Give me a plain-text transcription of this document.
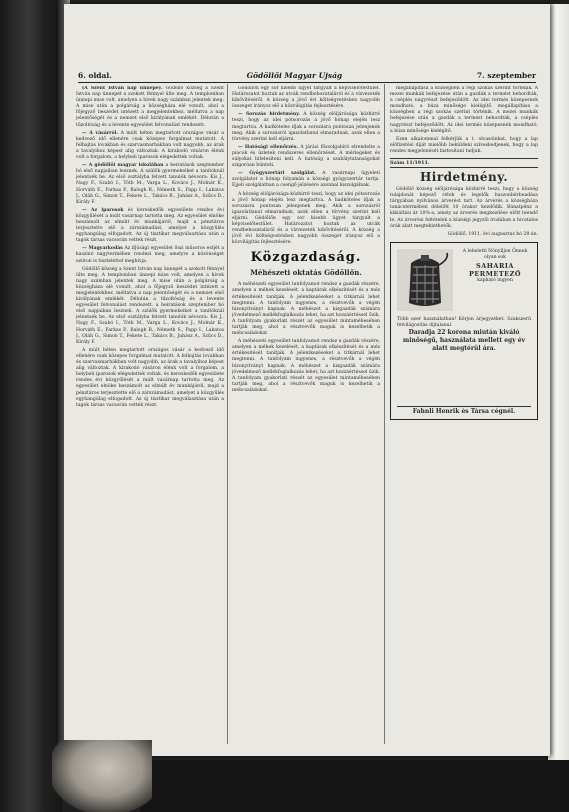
6. oldal.	Gödöllői Magyar Ujság	7. szeptember

(A Szent István nap ünnepe). Gödöllő község a Szent István nap ünnepét a szokott fénnyel ülte meg. A templomban ünnepi mise volt, amelyen a hívek nagy számban jelentek meg. A mise után a polgárság a községháza elé vonult, ahol a főjegyző beszédet intézett a megjelentekhez, méltatva a nap jelentőségét és a nemzet első királyának emlékét. Délután a tűzoltóság és a levente egyesület felvonulást rendezett.

— A vásárról. A múlt héten megtartott országos vásár a kedvező idő ellenére csak közepes forgalmat mutatott. A felhajtás lovakban és szarvasmarhákban volt nagyobb, az árak a tavalyihoz képest alig változtak. A kirakodó vásáron élénk volt a forgalom, a helybeli iparosok elégedettek voltak.

— A gödöllői magyar iskolában a beiratások szeptember hó első napjaiban lesznek. A szülők gyermekeiket a tanítóknál jelentsék be. Az első osztályba felvett tanulók névsora: Kis J., Nagy F., Szabó I., Tóth M., Varga L., Kovács J., Molnár K., Horváth E., Farkas P., Balogh R., Németh S., Papp I., Lakatos J., Oláh G., Simon T., Fekete L., Takács B., Juhász A., Szűcs D., Király F.

— Az iparosok és kereskedők egyesülete rendes évi közgyűlését a múlt vasárnap tartotta meg. Az egyesület elnöke beszámolt az elmúlt év munkájáról, majd a pénztáros terjesztette elő a zárszámadást, amelyet a közgyűlés egyhangúlag elfogadott. Az új tisztikar megválasztása után a tagok társas vacsorán vettek részt.

— Magyarkodás Az ifjúsági egyesület őszi műsoros estjét a kaszinó nagytermében rendezi meg, amelyre a közönséget ezúton is tisztelettel meghívja.

Gödöllő község a Szent István nap ünnepét a szokott fénnyel ülte meg. A templomban ünnepi mise volt, amelyen a hívek nagy számban jelentek meg. A mise után a polgárság a községháza elé vonult, ahol a főjegyző beszédet intézett a megjelentekhez, méltatva a nap jelentőségét és a nemzet első királyának emlékét. Délután a tűzoltóság és a levente egyesület felvonulást rendezett. a beiratások szeptember hó első napjaiban lesznek. A szülők gyermekeiket a tanítóknál jelentsék be. Az első osztályba felvett tanulók névsora: Kis J., Nagy F., Szabó I., Tóth M., Varga L., Kovács J., Molnár K., Horváth E., Farkas P., Balogh R., Németh S., Papp I., Lakatos J., Oláh G., Simon T., Fekete L., Takács B., Juhász A., Szűcs D., Király F.

A múlt héten megtartott országos vásár a kedvező idő ellenére csak közepes forgalmat mutatott. A felhajtás lovakban és szarvasmarhákban volt nagyobb, az árak a tavalyihoz képest alig változtak. A kirakodó vásáron élénk volt a forgalom, a helybeli iparosok elégedettek voltak. és kereskedők egyesülete rendes évi közgyűlését a múlt vasárnap tartotta meg. Az egyesület elnöke beszámolt az elmúlt év munkájáról, majd a pénztáros terjesztette elő a zárszámadást, amelyet a közgyűlés egyhangúlag elfogadott. Az új tisztikar megválasztása után a tagok társas vacsorán vettek részt.

Gödöllőn egy sor kisebb ügyet tárgyalt a képviselőtestület. Határozatot hoztak az utcák rendbehozataláról és a vízvezeték kibővítéséről. A község a jövő évi költségvetésben nagyobb összeget irányoz elő a közvilágítás fejlesztésére.

— Sorozás hirdetmény. A község elöljárósága közhírré teszi, hogy az idei pótsorozás a jövő hónap elején lesz megtartva. A hadköteles ifjak a sorozásra pontosan jelenjenek meg. Akik a sorozásról igazolatlanul elmaradnak, azok ellen a törvény szerint kell eljárni.

— Hatósági ellenőrzés. A járási főszolgabíró elrendelte a piacok és üzletek rendszeres ellenőrzését. A mérlegeket és súlyokat hitelesíteni kell. A hatóság a szabálytalanságokat szigorúan bünteti.

— Gyógyszertári szolgálat. A vasárnapi ügyeleti szolgálatot a hónap folyamán a községi gyógyszertár tartja. Éjjeli szolgálatban a csengő jelzésére azonnal kiszolgálnak.

A község elöljárósága közhírré teszi, hogy az idei pótsorozás a jövő hónap elején lesz megtartva. A hadköteles ifjak a sorozásra pontosan jelenjenek meg. Akik a sorozásról igazolatlanul elmaradnak, azok ellen a törvény szerint kell eljárni. Gödöllőn egy sor kisebb ügyet tárgyalt a képviselőtestület. Határozatot hoztak az utcák rendbehozataláról és a vízvezeték kibővítéséről. A község a jövő évi költségvetésben nagyobb összeget irányoz elő a közvilágítás fejlesztésére.

Közgazdaság.
Méhészeti oktatás Gödöllőn.

A méhészeti egyesület tanfolyamot rendez a gazdák részére, amelyen a méhek kezelését, a kaptárak elkészítését és a méz értékesítését tanítják. A jelentkezéseket a titkárnál lehet megtenni. A tanfolyam ingyenes, a résztvevők a végén bizonyítványt kapnak. A méhészet a kisgazdák számára jövedelmező mellékfoglalkozás lehet, ha azt hozzáértéssel űzik. A tanfolyam gyakorlati részét az egyesület mintaméhesében tartják meg, ahol a résztvevők maguk is kezelhetik a méhcsaládokat.

A méhészeti egyesület tanfolyamot rendez a gazdák részére, amelyen a méhek kezelését, a kaptárak elkészítését és a méz értékesítését tanítják. A jelentkezéseket a titkárnál lehet megtenni. A tanfolyam ingyenes, a résztvevők a végén bizonyítványt kapnak. A méhészet a kisgazdák számára jövedelmező mellékfoglalkozás lehet, ha azt hozzáértéssel űzik. A tanfolyam gyakorlati részét az egyesület mintaméhesében tartják meg, ahol a résztvevők maguk is kezelhetik a méhcsaládokat.

megállapítása a községben a régi szokás szerint történik. A mezei munkák befejezése után a gazdák a termést behordták, a cséplés nagyrészt befejeződött. Az idei termés közepesnek mondható, a búza minősége kielégítő. megállapítása a községben a régi szokás szerint történik. A mezei munkák befejezése után a gazdák a termést behordták, a cséplés nagyrészt befejeződött. Az idei termés közepesnek mondható, a búza minősége kielégítő.

Ezen alkalommal felkérjük a t. olvasóinkat, hogy a lap előfizetési díját mielőbb beküldeni szíveskedjenek, hogy a lap rendes megjelenését biztosítani tudjuk.

Szám 11/1911.
Hirdetmény.

Gödöllő község elöljárósága közhírré teszi, hogy a község tulajdonát képező rétek és legelők haszonbérbeadása tárgyában nyilvános árverést tart. Az árverés a községháza tanácstermében délelőtt 10 órakor kezdődik. Bánatpénz a kikiáltási ár 10%-a, amely az árverés megkezdése előtt teendő le. Az árverési feltételek a községi jegyzői irodában a hivatalos órák alatt megtekinthetők.

Gödöllő, 1911. évi augusztus hó 28-án.

A leheletti Nónyíljon Önnek olyan sok
SAHARIA PERMETEZŐ
kapható ingyen
Több ezer használatban! Kérjen árjegyzéket. Szakszerű felvilágosítás díjtalanul.
Daradja 22 korona miután kiváló minőségű, használata mellett egy év alatt megtérül ára.
Fahnli Henrik és Társa cégnél.
